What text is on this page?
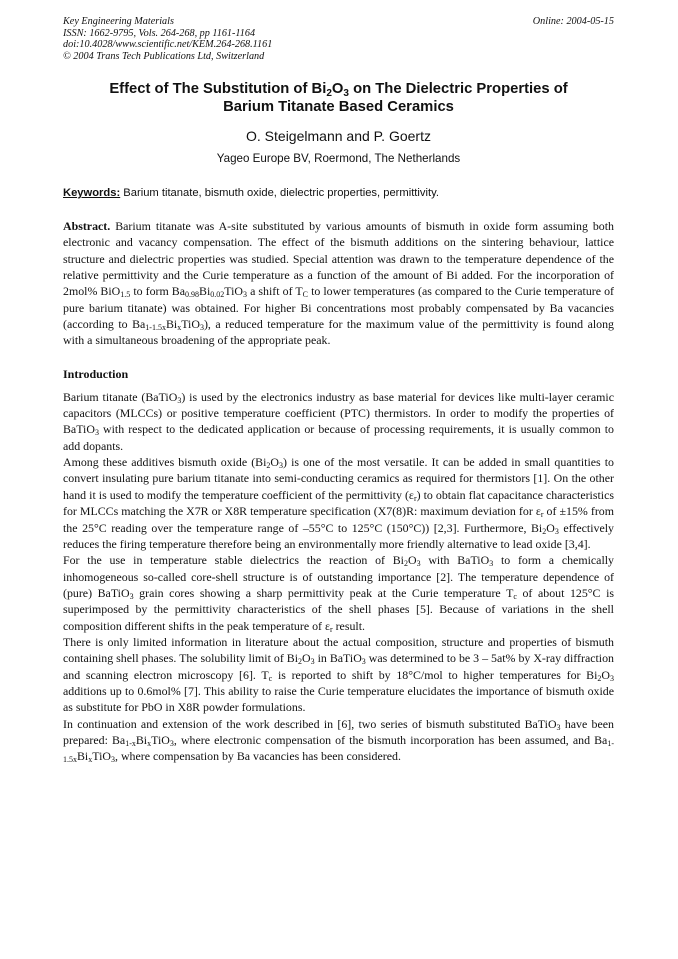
Key Engineering Materials
ISSN: 1662-9795, Vols. 264-268, pp 1161-1164
doi:10.4028/www.scientific.net/KEM.264-268.1161
© 2004 Trans Tech Publications Ltd, Switzerland
Online: 2004-05-15
Effect of The Substitution of $Bi_2O_3$ on The Dielectric Properties of
Barium Titanate Based Ceramics
O. Steigelmann and P. Goertz
Yageo Europe BV, Roermond, The Netherlands
Keywords: Barium titanate, bismuth oxide, dielectric properties, permittivity.

Abstract. Barium titanate was A-site substituted by various amounts of bismuth in oxide form assuming both electronic and vacancy compensation. The effect of the bismuth additions on the sintering behaviour, lattice structure and dielectric properties was studied. Special attention was drawn to the temperature dependence of the relative permittivity and the Curie temperature as a function of the amount of Bi added. For the incorporation of 2mol% BiO$_{1.5}$ to form $Ba_{0.98}Bi_{0.02}TiO_3$ a shift of $T_C$ to lower temperatures (as compared to the Curie temperature of pure barium titanate) was obtained. For higher Bi concentrations most probably compensated by Ba vacancies (according to $Ba_{1-1.5x}Bi_xTiO_3$), a reduced temperature for the maximum value of the permittivity is found along with a simultaneous broadening of the appropriate peak.

Introduction

Barium titanate (BaTiO$_3$) is used by the electronics industry as base material for devices like multi-layer ceramic capacitors (MLCCs) or positive temperature coefficient (PTC) thermistors. In order to modify the properties of BaTiO$_3$ with respect to the dedicated application or because of processing requirements, it is usually common to add dopants.

Among these additives bismuth oxide $(Bi_2O_3)$ is one of the most versatile. It can be added in small quantities to convert insulating pure barium titanate into semi-conducting ceramics as required for thermistors [1]. On the other hand it is used to modify the temperature coefficient of the permittivity $(\varepsilon_r)$ to obtain flat capacitance characteristics for MLCCs matching the X7R or X8R temperature specification (X7(8)R: maximum deviation for $\varepsilon_r$ of ±15% from the 25°C reading over the temperature range of –55°C to 125°C (150°C)) [2,3]. Furthermore, $Bi_2O_3$ effectively reduces the firing temperature therefore being an environmentally more friendly alternative to lead oxide [3,4].

For the use in temperature stable dielectrics the reaction of $Bi_2O_3$ with BaTiO$_3$ to form a chemically inhomogeneous so-called core-shell structure is of outstanding importance [2]. The temperature dependence of (pure) BaTiO$_3$ grain cores showing a sharp permittivity peak at the Curie temperature $T_c$ of about 125°C is superimposed by the permittivity characteristics of the shell phases [5]. Because of variations in the shell composition different shifts in the peak temperature of $\varepsilon_r$ result.

There is only limited information in literature about the actual composition, structure and properties of bismuth containing shell phases. The solubility limit of $Bi_2O_3$ in BaTiO$_3$ was determined to be 3 – 5at% by X-ray diffraction and scanning electron microscopy [6]. $T_c$ is reported to shift by 18°C/mol to higher temperatures for $Bi_2O_3$ additions up to 0.6mol% [7]. This ability to raise the Curie temperature elucidates the importance of bismuth oxide as substitute for PbO in X8R powder formulations.

In continuation and extension of the work described in [6], two series of bismuth substituted BaTiO$_3$ have been prepared: $Ba_{1-x}Bi_xTiO_3$, where electronic compensation of the bismuth incorporation has been assumed, and $Ba_{1-1.5x}Bi_xTiO_3$, where compensation by Ba vacancies has been considered.
